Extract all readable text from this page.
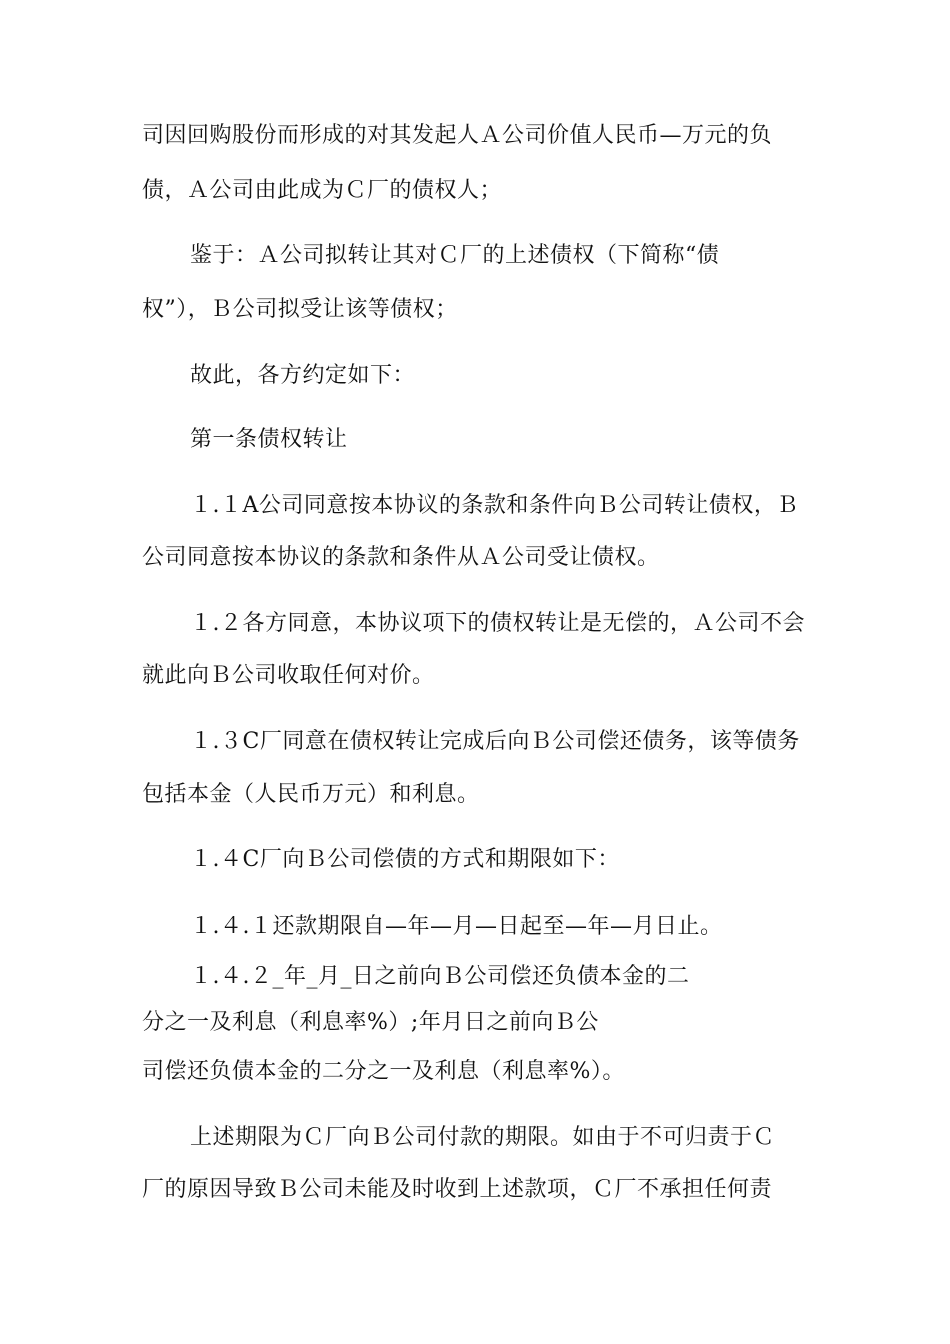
司因回购股份而形成的对其发起人Ａ公司价值人民币—万元的负

债，Ａ公司由此成为Ｃ厂的债权人；

鉴于：Ａ公司拟转让其对Ｃ厂的上述债权（下简称“债

权”），Ｂ公司拟受让该等债权；

故此，各方约定如下：

第一条债权转让

１.１A公司同意按本协议的条款和条件向Ｂ公司转让债权，Ｂ

公司同意按本协议的条款和条件从Ａ公司受让债权。

１.２各方同意，本协议项下的债权转让是无偿的，Ａ公司不会

就此向Ｂ公司收取任何对价。

１.３C厂同意在债权转让完成后向Ｂ公司偿还债务，该等债务

包括本金（人民币万元）和利息。

１.４C厂向Ｂ公司偿债的方式和期限如下：

１.４.１还款期限自—年—月—日起至—年—月日止。

１.４.２_年_月_日之前向Ｂ公司偿还负债本金的二

分之一及利息（利息率%）;年月日之前向Ｂ公

司偿还负债本金的二分之一及利息（利息率%）。

上述期限为Ｃ厂向Ｂ公司付款的期限。如由于不可归责于Ｃ

厂的原因导致Ｂ公司未能及时收到上述款项，Ｃ厂不承担任何责
